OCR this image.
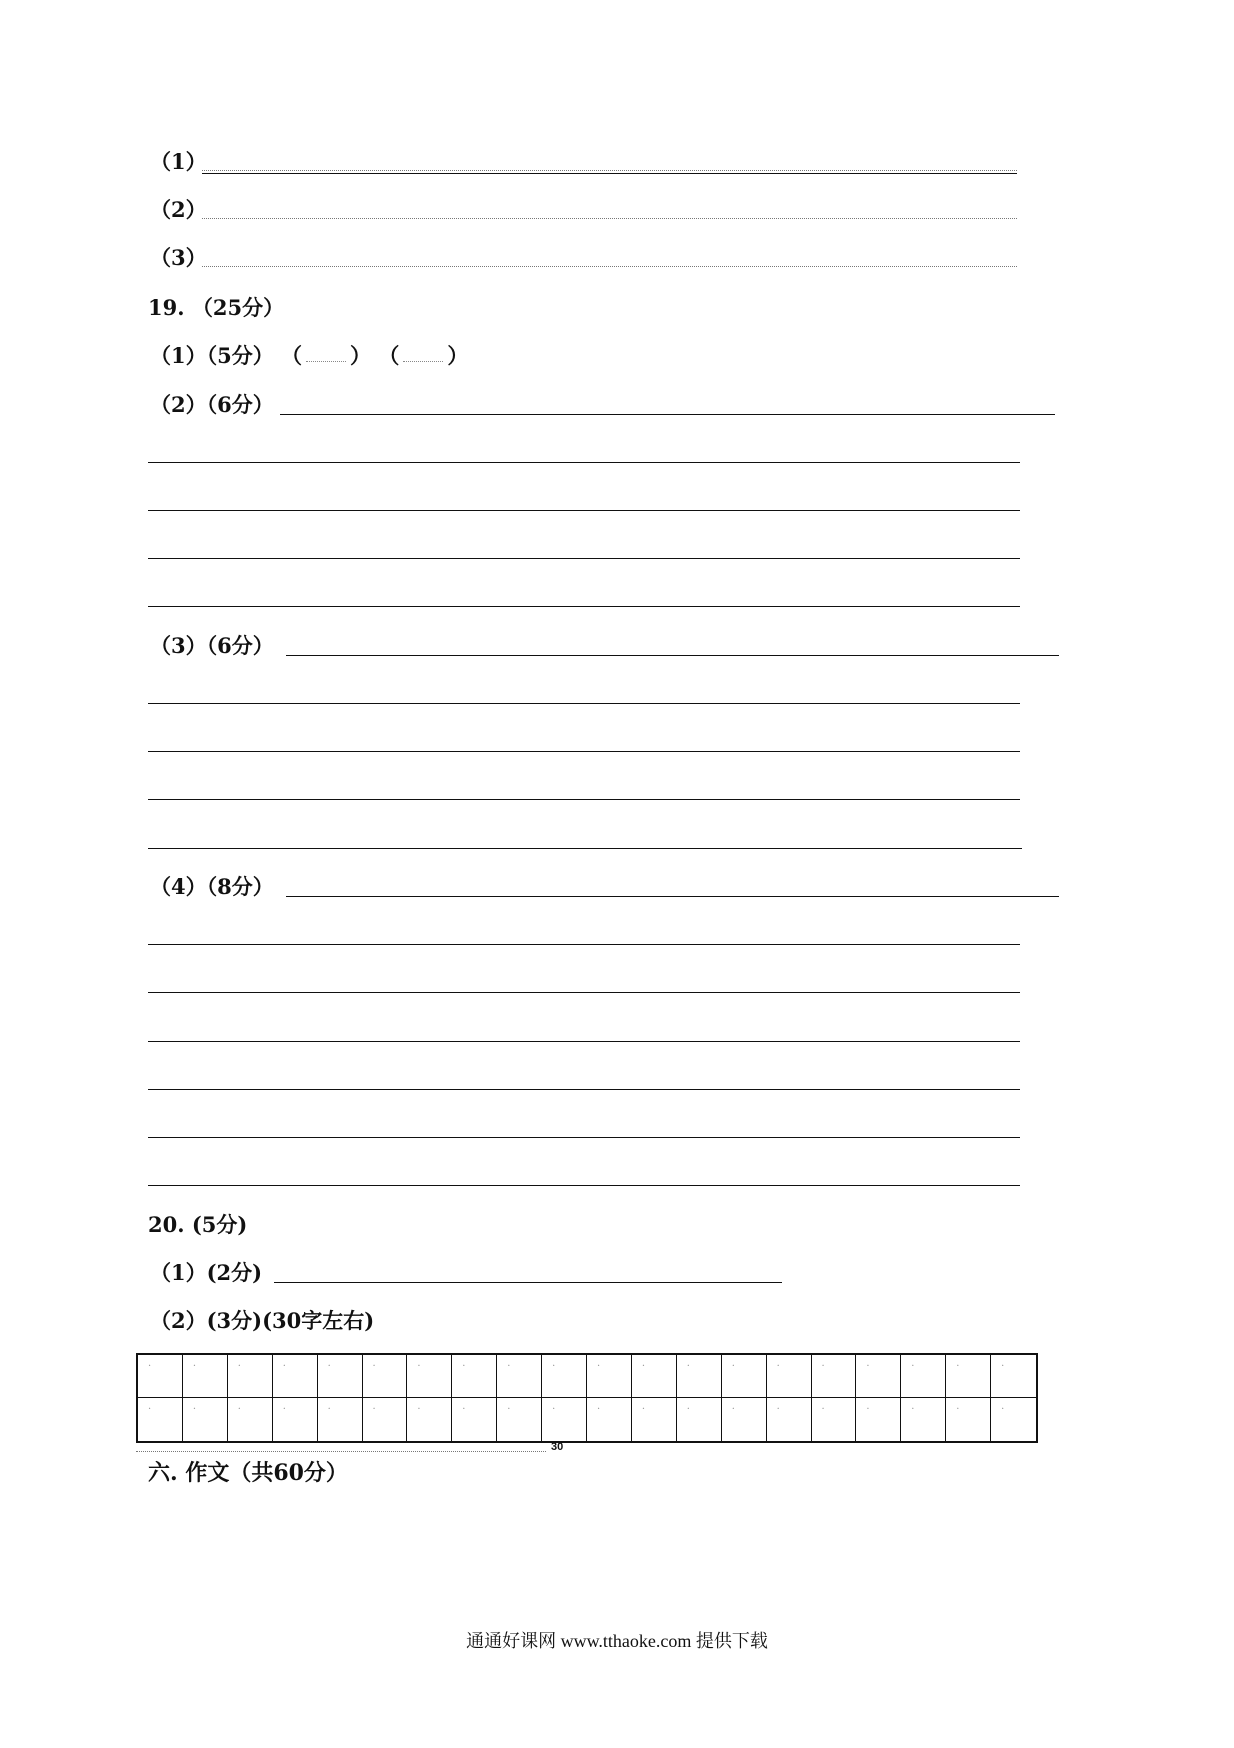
（1）
（2）
（3）
19. （25分）
（1）（5分） （ ） （ ）
（2）（6分）
（3）（6分）
（4）（8分）
20. (5分)
（1）(2分)
（2）(3分)(30字左右)
·
·
·
·
·
·
·
·
·
·
·
·
·
·
·
·
·
·
·
·
·
·
·
·
·
·
·
·
·
·
·
·
·
·
·
·
·
·
·
·
30
六. 作文（共60分）
通通好课网 www.tthaoke.com 提供下载
